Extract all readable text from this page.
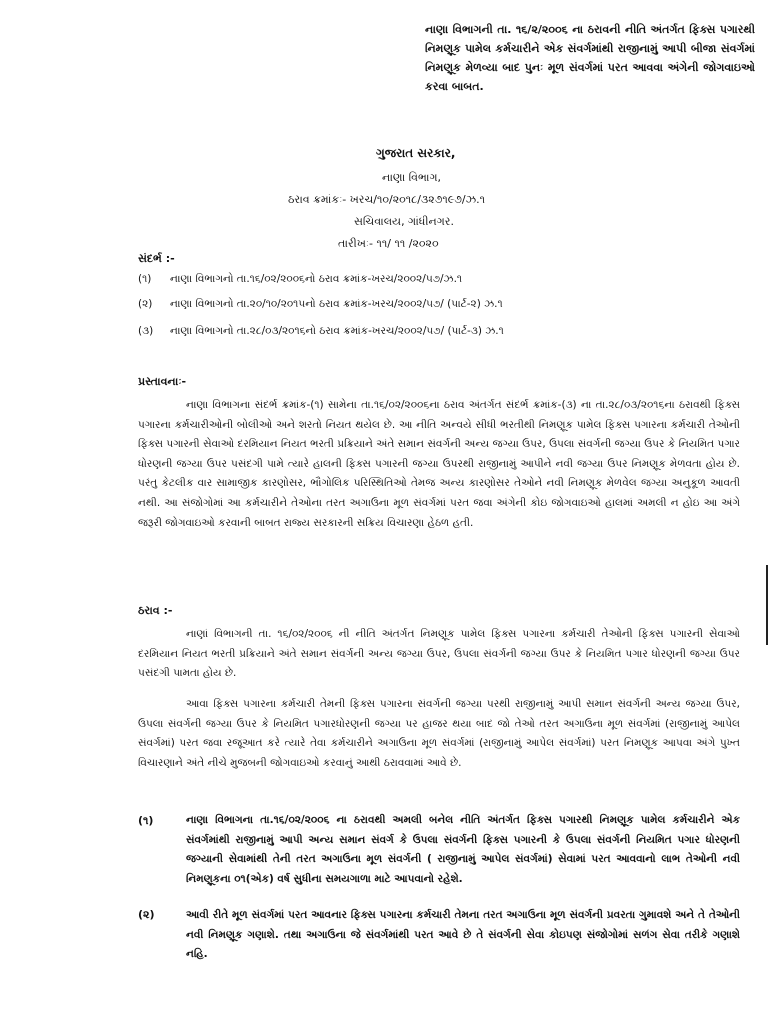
નાણા વિભાગની તા. ૧૬/૨/૨૦૦૬ ના ઠરાવની નીતિ અંતર્ગત ફિક્સ પગારથી નિમણૂક પામેલ કર્મચારીને એક સંવર્ગમાંથી રાજીનામું આપી બીજા સંવર્ગમાં નિમણૂક મેળવ્યા બાદ પુનઃ મૂળ સંવર્ગમાં પરત આવવા અંગેની જોગવાઇઓ કરવા બાબત.
ગુજરાત સરકાર,
નાણા વિભાગ,
ઠરાવ ક્રમાંકઃ- ખરચ/૧૦/૨૦૧૮/૩૨૭૧૯૭/ઝ.૧
સચિવાલય, ગાંધીનગર.
તારીખઃ- ૧૧/ ૧૧ /૨૦૨૦
સંદર્ભ :-
(૧) નાણા વિભાગનો તા.૧૬/૦૨/૨૦૦૬નો ઠરાવ ક્રમાંક-ખરચ/૨૦૦૨/૫૭/ઝ.૧
(૨) નાણા વિભાગનો તા.૨૦/૧૦/૨૦૧૫નો ઠરાવ ક્રમાંક-ખરચ/૨૦૦૨/૫૭/ (પાર્ટ-૨) ઝ.૧
(૩) નાણા વિભાગનો તા.૨૮/૦૩/૨૦૧૬નો ઠરાવ ક્રમાંક-ખરચ/૨૦૦૨/૫૭/ (પાર્ટ-૩) ઝ.૧
પ્રસ્તાવનાઃ-
નાણા વિભાગના સંદર્ભ ક્રમાંક-(૧) સામેના તા.૧૬/૦૨/૨૦૦૬ના ઠરાવ અંતર્ગત સંદર્ભ ક્રમાંક-(૩) ના તા.૨૮/૦૩/૨૦૧૬ના ઠરાવથી ફિક્સ પગારના કર્મચારીઓની બોલીઓ અને શરતો નિયત થયેલ છે. આ નીતિ અન્વયે સીધી ભરતીથી નિમણૂક પામેલ ફિક્સ પગારના કર્મચારી તેઓની ફિક્સ પગારની સેવાઓ દરમિયાન નિયત ભરતી પ્રક્રિયાને અંતે સમાન સંવર્ગની અન્ય જગ્યા ઉપર, ઉપલા સંવર્ગની જગ્યા ઉપર કે નિયમિત પગાર ધોરણની જગ્યા ઉપર પસંદગી પામે ત્યારે હાલની ફિક્સ પગારની જગ્યા ઉપરથી રાજીનામું આપીને નવી જગ્યા ઉપર નિમણૂક મેળવતા હોય છે. પરંતુ કેટલીક વાર સામાજીક કારણોસર, ભૌગોલિક પરિસ્થિતિઓ તેમજ અન્ય કારણોસર તેઓને નવી નિમણૂક મેળવેલ જગ્યા અનુકૂળ આવતી નથી. આ સંજોગોમાં આ કર્મચારીને તેઓના તરત અગાઉના મૂળ સંવર્ગમાં પરત જવા અંગેની કોઇ જોગવાઇઓ હાલમાં અમલી ન હોઇ આ અંગે જરૂરી જોગવાઇઓ કરવાની બાબત રાજ્ય સરકારની સક્રિય વિચારણા હેઠળ હતી.
ઠરાવ :-
નાણાં વિભાગની તા. ૧૬/૦૨/૨૦૦૬ ની નીતિ અંતર્ગત નિમણૂક પામેલ ફિક્સ પગારના કર્મચારી તેઓની ફિક્સ પગારની સેવાઓ દરમિયાન નિયત ભરતી પ્રક્રિયાને અંતે સમાન સંવર્ગની અન્ય જગ્યા ઉપર, ઉપલા સંવર્ગની જગ્યા ઉપર કે નિયમિત પગાર ધોરણની જગ્યા ઉપર પસંદગી પામતા હોય છે.
આવા ફિક્સ પગારના કર્મચારી તેમની ફિક્સ પગારના સંવર્ગની જગ્યા પરથી રાજીનામું આપી સમાન સંવર્ગની અન્ય જગ્યા ઉપર, ઉપલા સંવર્ગની જગ્યા ઉપર કે નિયમિત પગારધોરણની જગ્યા પર હાજર થયા બાદ જો તેઓ તરત અગાઉના મૂળ સંવર્ગમાં (રાજીનામું આપેલ સંવર્ગમાં) પરત જવા રજૂઆત કરે ત્યારે તેવા કર્મચારીને અગાઉના મૂળ સંવર્ગમાં (રાજીનામું આપેલ સંવર્ગમાં) પરત નિમણૂક આપવા અંગે પુખ્ત વિચારણાને અંતે નીચે મુજબની જોગવાઇઓ કરવાનું આથી ઠરાવવામાં આવે છે.
(૧)	નાણા વિભાગના તા.૧૬/૦૨/૨૦૦૬ ના ઠરાવથી અમલી બનેલ નીતિ અંતર્ગત ફિક્સ પગારથી નિમણૂક પામેલ કર્મચારીને એક સંવર્ગમાંથી રાજીનામું આપી અન્ય સમાન સંવર્ગ કે ઉપલા સંવર્ગની ફિક્સ પગારની કે ઉપલા સંવર્ગની નિયમિત પગાર ધોરણની જગ્યાની સેવામાંથી તેની તરત અગાઉના મૂળ સંવર્ગની ( રાજીનામું આપેલ સંવર્ગમાં) સેવામાં પરત આવવાનો લાભ તેઓની નવી નિમણૂકના ૦૧(એક) વર્ષ સુધીના સમયગાળા માટે આપવાનો રહેશે.
(૨)	આવી રીતે મૂળ સંવર્ગમાં પરત આવનાર ફિક્સ પગારના કર્મચારી તેમના તરત અગાઉના મૂળ સંવર્ગની પ્રવરતા ગુમાવશે અને તે તેઓની નવી નિમણૂક ગણાશે. તથા અગાઉના જે સંવર્ગમાંથી પરત આવે છે તે સંવર્ગની સેવા કોઇપણ સંજોગોમાં સળંગ સેવા તરીકે ગણાશે નહિ.
